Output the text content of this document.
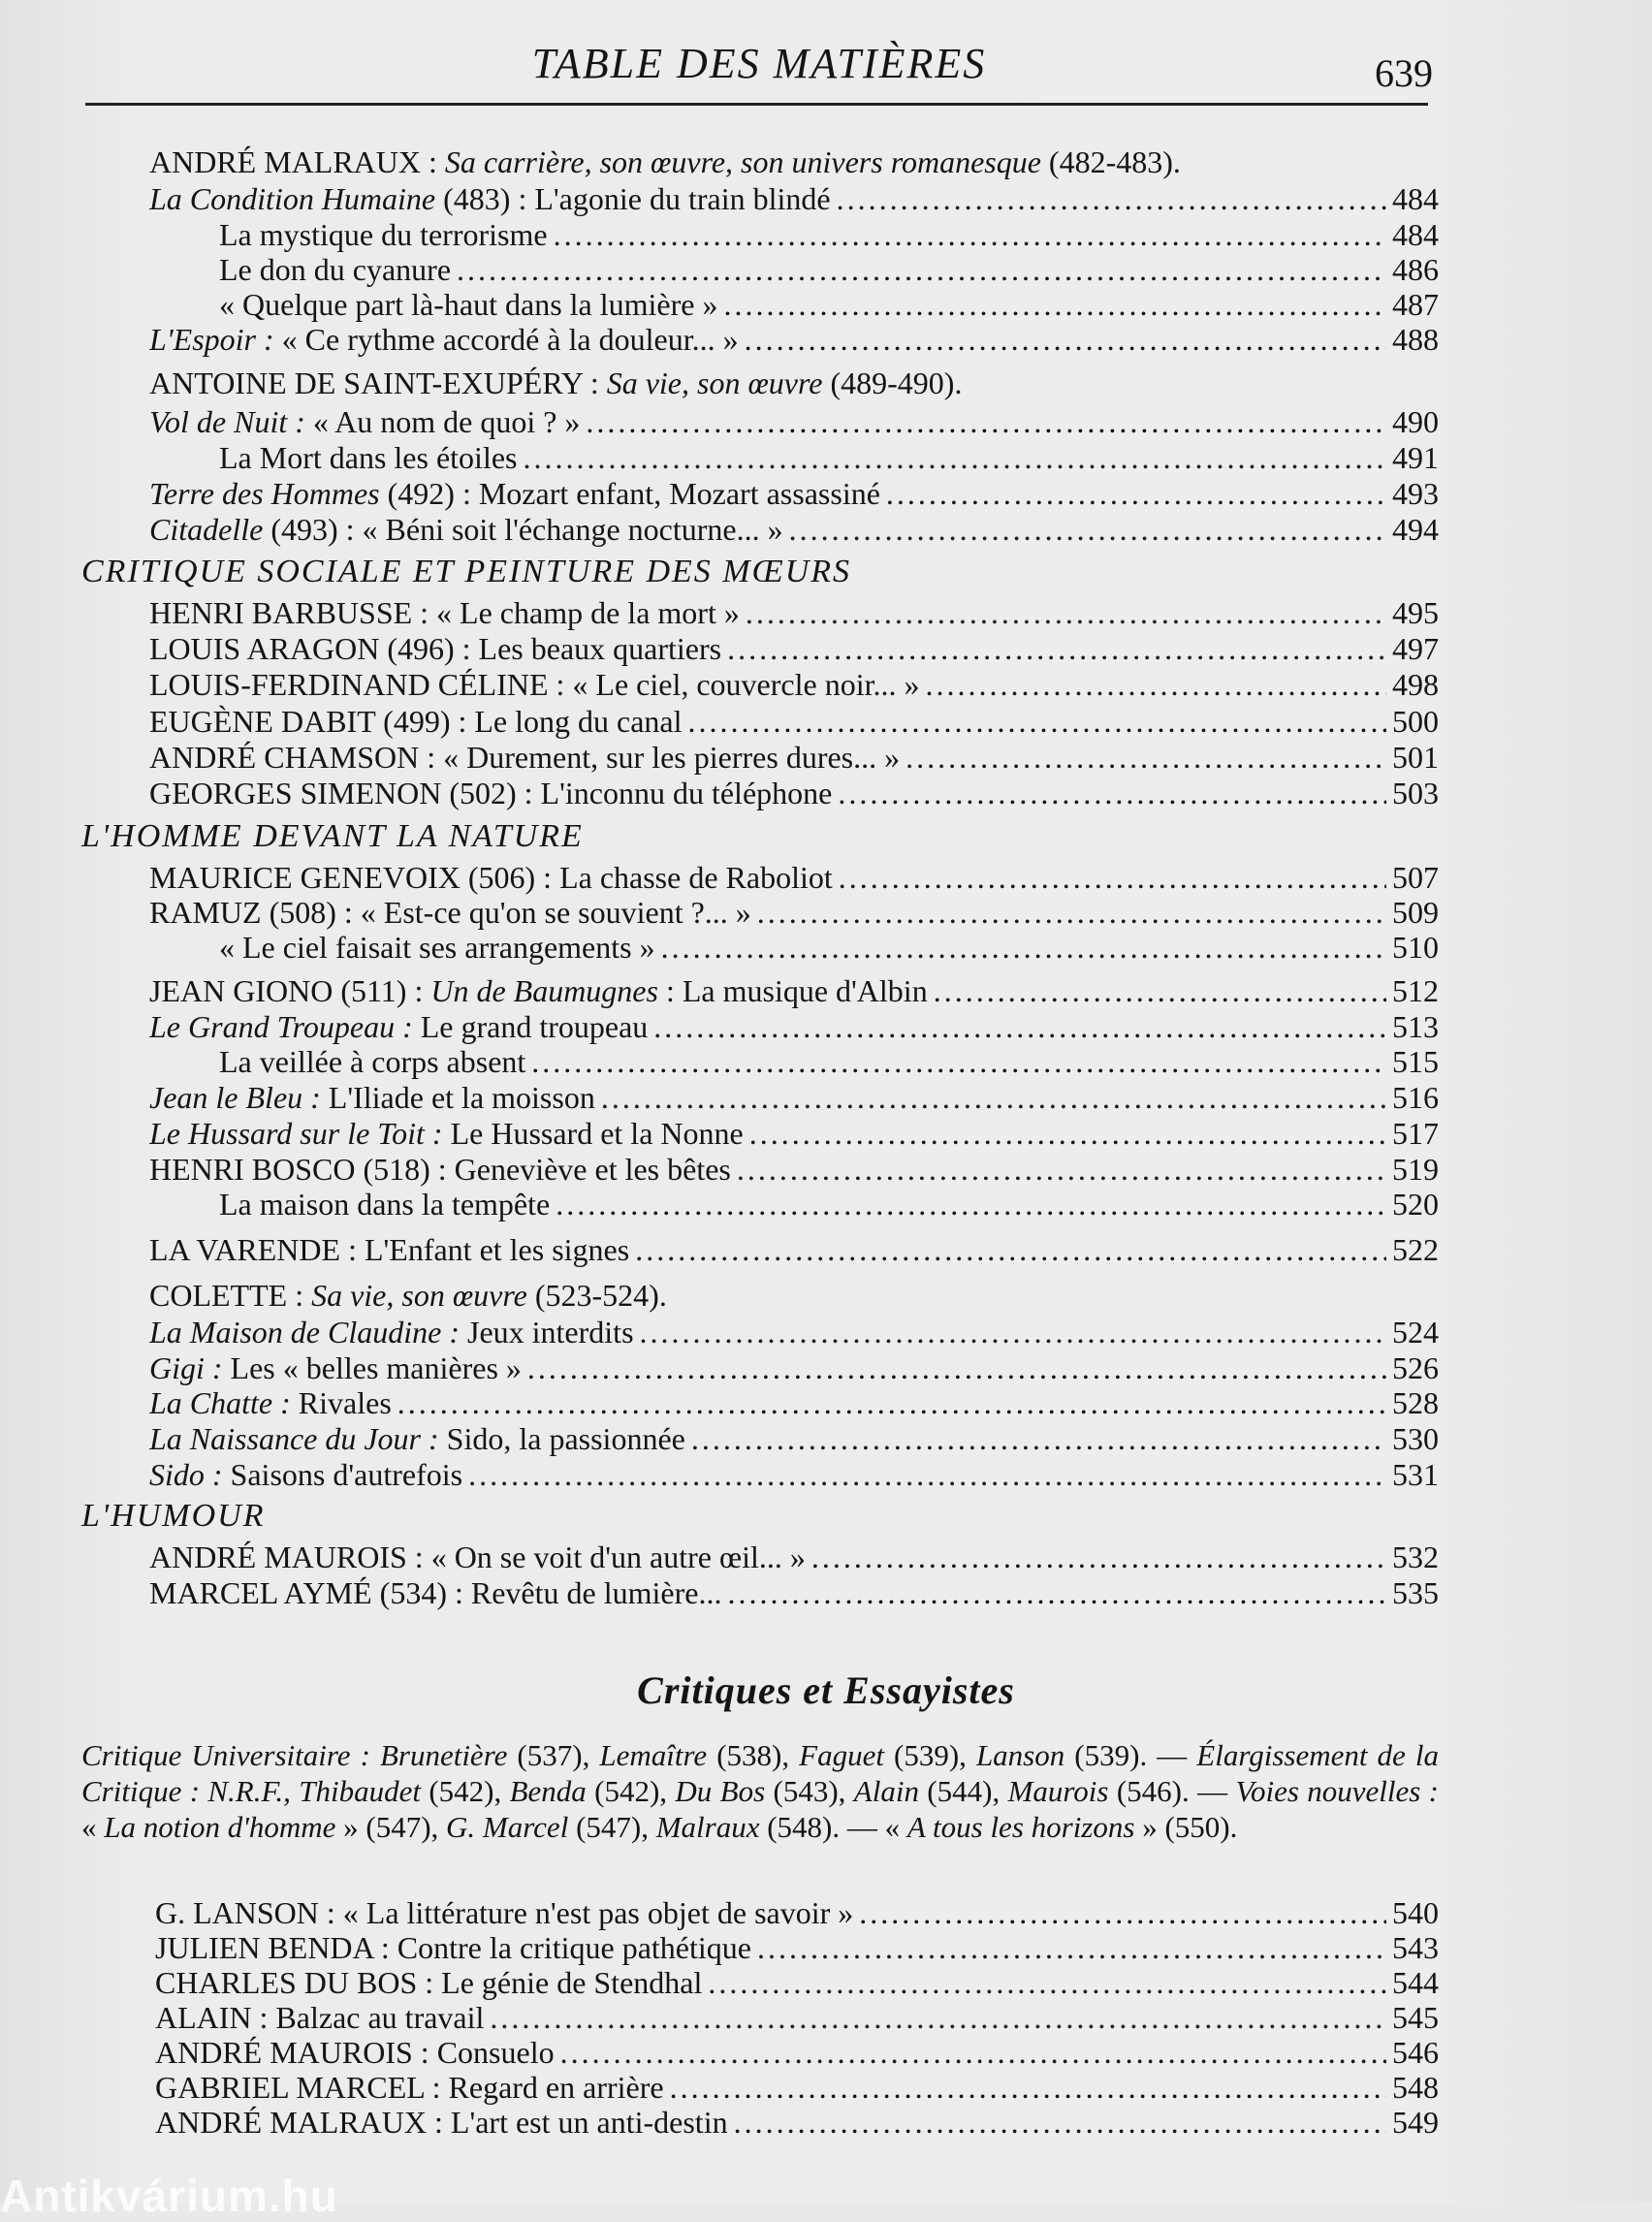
TABLE DES MATIÈRES	639
ANDRÉ MALRAUX : Sa carrière, son œuvre, son univers romanesque (482-483).
La Condition Humaine (483) : L'agonie du train blindé .....	484
La mystique du terrorisme .....	484
Le don du cyanure .....	486
« Quelque part là-haut dans la lumière » .....	487
L'Espoir : « Ce rythme accordé à la douleur... » .....	488
ANTOINE DE SAINT-EXUPÉRY : Sa vie, son œuvre (489-490).
Vol de Nuit : « Au nom de quoi ? » .....	490
La Mort dans les étoiles .....	491
Terre des Hommes (492) : Mozart enfant, Mozart assassiné .....	493
Citadelle (493) : « Béni soit l'échange nocturne... » .....	494
CRITIQUE SOCIALE ET PEINTURE DES MŒURS
HENRI BARBUSSE : « Le champ de la mort » .....	495
LOUIS ARAGON (496) : Les beaux quartiers .....	497
LOUIS-FERDINAND CÉLINE : « Le ciel, couvercle noir... » .....	498
EUGÈNE DABIT (499) : Le long du canal .....	500
ANDRÉ CHAMSON : « Durement, sur les pierres dures... » .....	501
GEORGES SIMENON (502) : L'inconnu du téléphone .....	503
L'HOMME DEVANT LA NATURE
MAURICE GENEVOIX (506) : La chasse de Raboliot .....	507
RAMUZ (508) : « Est-ce qu'on se souvient ?... » .....	509
« Le ciel faisait ses arrangements » .....	510
JEAN GIONO (511) : Un de Baumugnes : La musique d'Albin .....	512
Le Grand Troupeau : Le grand troupeau .....	513
La veillée à corps absent .....	515
Jean le Bleu : L'Iliade et la moisson .....	516
Le Hussard sur le Toit : Le Hussard et la Nonne .....	517
HENRI BOSCO (518) : Geneviève et les bêtes .....	519
La maison dans la tempête .....	520
LA VARENDE : L'Enfant et les signes .....	522
COLETTE : Sa vie, son œuvre (523-524).
La Maison de Claudine : Jeux interdits .....	524
Gigi : Les « belles manières » .....	526
La Chatte : Rivales .....	528
La Naissance du Jour : Sido, la passionnée .....	530
Sido : Saisons d'autrefois .....	531
L'HUMOUR
ANDRÉ MAUROIS : « On se voit d'un autre œil... » .....	532
MARCEL AYMÉ (534) : Revêtu de lumière... .....	535
Critiques et Essayistes
Critique Universitaire : Brunetière (537), Lemaître (538), Faguet (539), Lanson (539). — Élargissement de la Critique : N.R.F., Thibaudet (542), Benda (542), Du Bos (543), Alain (544), Maurois (546). — Voies nouvelles : « La notion d'homme » (547), G. Marcel (547), Malraux (548). — « A tous les horizons » (550).
G. LANSON : « La littérature n'est pas objet de savoir » .....	540
JULIEN BENDA : Contre la critique pathétique .....	543
CHARLES DU BOS : Le génie de Stendhal .....	544
ALAIN : Balzac au travail .....	545
ANDRÉ MAUROIS : Consuelo .....	546
GABRIEL MARCEL : Regard en arrière .....	548
ANDRÉ MALRAUX : L'art est un anti-destin .....	549
Antikvárium.hu
